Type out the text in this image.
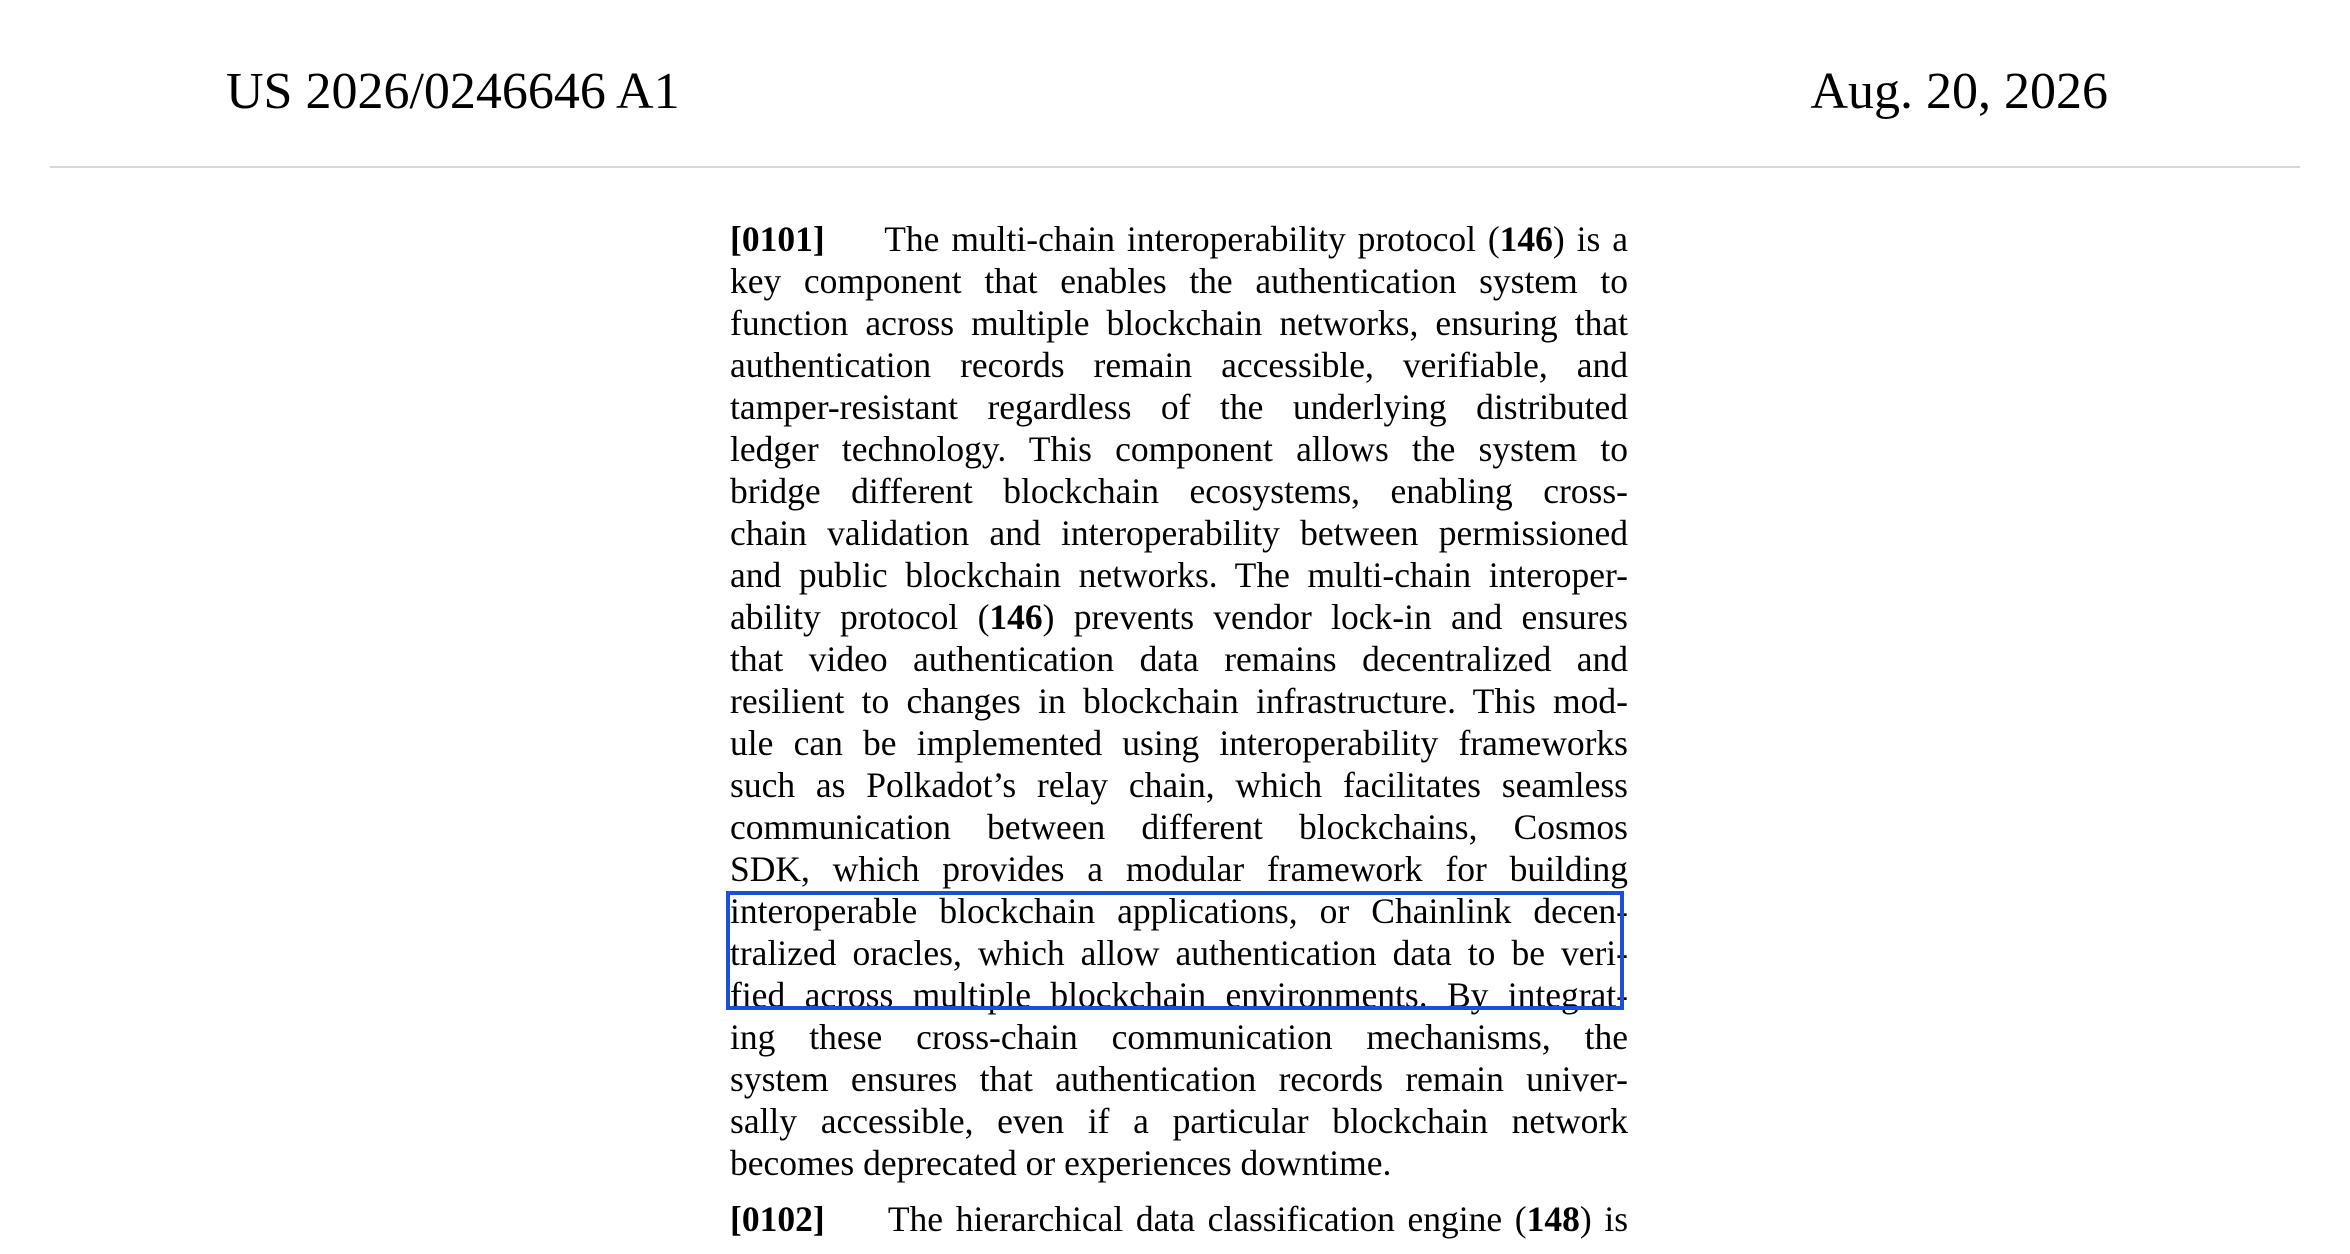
US 2026/0246646 A1	Aug. 20, 2026
[0101] The multi-chain interoperability protocol (146) is a
key component that enables the authentication system to
function across multiple blockchain networks, ensuring that
authentication records remain accessible, verifiable, and
tamper-resistant regardless of the underlying distributed
ledger technology. This component allows the system to
bridge different blockchain ecosystems, enabling cross-
chain validation and interoperability between permissioned
and public blockchain networks. The multi-chain interoper-
ability protocol (146) prevents vendor lock-in and ensures
that video authentication data remains decentralized and
resilient to changes in blockchain infrastructure. This mod-
ule can be implemented using interoperability frameworks
such as Polkadot’s relay chain, which facilitates seamless
communication between different blockchains, Cosmos
SDK, which provides a modular framework for building
interoperable blockchain applications, or Chainlink decen-
tralized oracles, which allow authentication data to be veri-
fied across multiple blockchain environments. By integrat-
ing these cross-chain communication mechanisms, the
system ensures that authentication records remain univer-
sally accessible, even if a particular blockchain network
becomes deprecated or experiences downtime.
[0102] The hierarchical data classification engine (148) is
